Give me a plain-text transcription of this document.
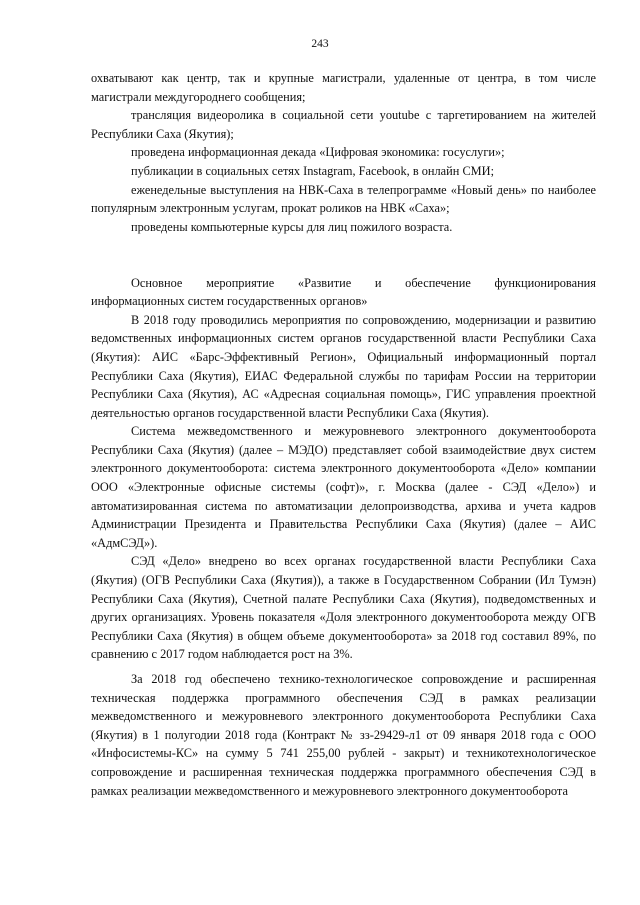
243

охватывают как центр, так и крупные магистрали, удаленные от центра, в том числе магистрали междугороднего сообщения;

трансляция видеоролика в социальной сети youtube с таргетированием на жителей Республики Саха (Якутия);

проведена информационная декада «Цифровая экономика: госуслуги»;

публикации в социальных сетях Instagram, Facebook, в онлайн СМИ;

еженедельные выступления на НВК-Саха в телепрограмме «Новый день» по наиболее популярным электронным услугам, прокат роликов на НВК «Саха»;

проведены компьютерные курсы для лиц пожилого возраста.

Основное мероприятие «Развитие и обеспечение функционирования

информационных систем государственных органов»

В 2018 году проводились мероприятия по сопровождению, модернизации и развитию ведомственных информационных систем органов государственной власти Республики Саха (Якутия): АИС «Барс-Эффективный Регион», Официальный информационный портал Республики Саха (Якутия), ЕИАС Федеральной службы по тарифам России на территории Республики Саха (Якутия), АС «Адресная социальная помощь», ГИС управления проектной деятельностью органов государственной власти Республики Саха (Якутия).

Система межведомственного и межуровневого электронного документооборота Республики Саха (Якутия) (далее – МЭДО) представляет собой взаимодействие двух систем электронного документооборота: система электронного документооборота «Дело» компании ООО «Электронные офисные системы (софт)», г. Москва (далее - СЭД «Дело») и автоматизированная система по автоматизации делопроизводства, архива и учета кадров Администрации Президента и Правительства Республики Саха (Якутия) (далее – АИС «АдмСЭД»).

СЭД «Дело» внедрено во всех органах государственной власти Республики Саха (Якутия) (ОГВ Республики Саха (Якутия)), а также в Государственном Собрании (Ил Тумэн) Республики Саха (Якутия), Счетной палате Республики Саха (Якутия), подведомственных и других организациях. Уровень показателя «Доля электронного документооборота между ОГВ Республики Саха (Якутия) в общем объеме документооборота» за 2018 год составил 89%, по сравнению с 2017 годом наблюдается рост на 3%.

За 2018 год обеспечено технико-технологическое сопровождение и расширенная техническая поддержка программного обеспечения СЭД в рамках реализации межведомственного и межуровневого электронного документооборота Республики Саха (Якутия) в 1 полугодии 2018 года (Контракт № зз-29429-л1 от 09 января 2018 года с ООО «Инфосистемы-КС» на сумму 5 741 255,00 рублей - закрыт) и техникотехнологическое сопровождение и расширенная техническая поддержка программного обеспечения СЭД в рамках реализации межведомственного и межуровневого электронного документооборота
